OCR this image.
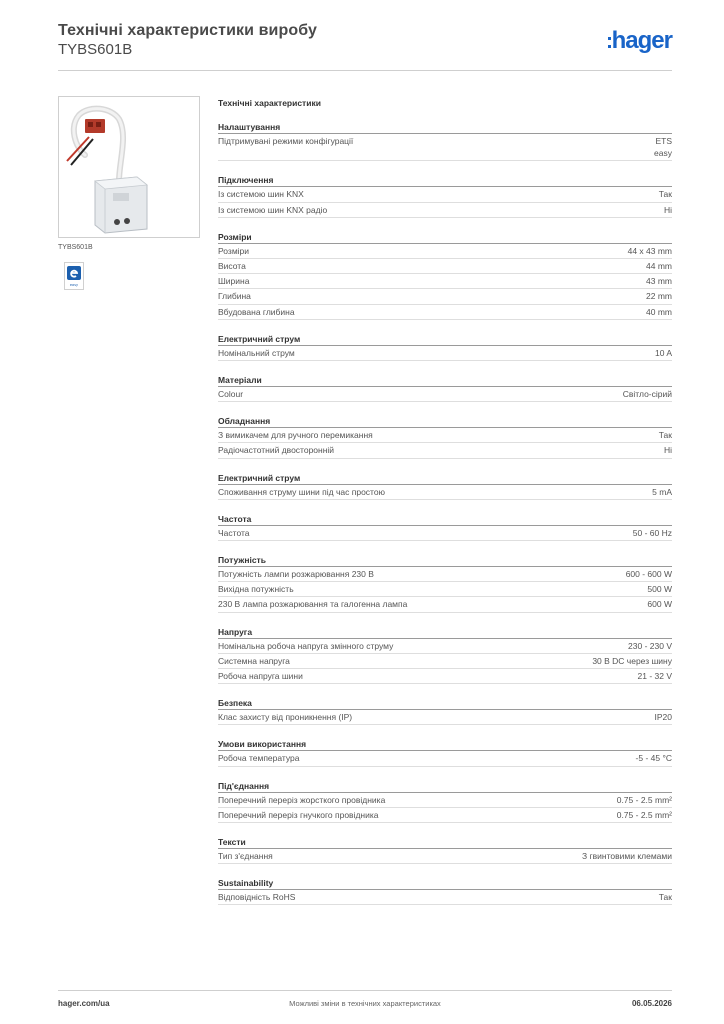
Технічні характеристики виробу
TYBS601B	hager
TYBS601B
easy
Технічні характеристики
Налаштування
Підтримувані режими конфігурації	ETS
easy
Підключення
Із системою шин KNX	Так
Із системою шин KNX радіо	Ні
Розміри
Розміри	44 x 43 mm
Висота	44 mm
Ширина	43 mm
Глибина	22 mm
Вбудована глибина	40 mm
Електричний струм
Номінальний струм	10 A
Матеріали
Colour	Світло-сірий
Обладнання
З вимикачем для ручного перемикання	Так
Радіочастотний двосторонній	Ні
Електричний струм
Споживання струму шини під час простою	5 mA
Частота
Частота	50 - 60 Hz
Потужність
Потужність лампи розжарювання 230 В	600 - 600 W
Вихідна потужність	500 W
230 В лампа розжарювання та галогенна лампа	600 W
Напруга
Номінальна робоча напруга змінного струму	230 - 230 V
Системна напруга	30 В DC через шину
Робоча напруга шини	21 - 32 V
Безпека
Клас захисту від проникнення (IP)	IP20
Умови використання
Робоча температура	-5 - 45 °C
Під'єднання
Поперечний переріз жорсткого провідника	0.75 - 2.5 mm²
Поперечний переріз гнучкого провідника	0.75 - 2.5 mm²
Тексти
Тип з'єднання	З гвинтовими клемами
Sustainability
Відповідність RoHS	Так
hager.com/ua	Можливі зміни в технічних характеристиках	06.05.2026
